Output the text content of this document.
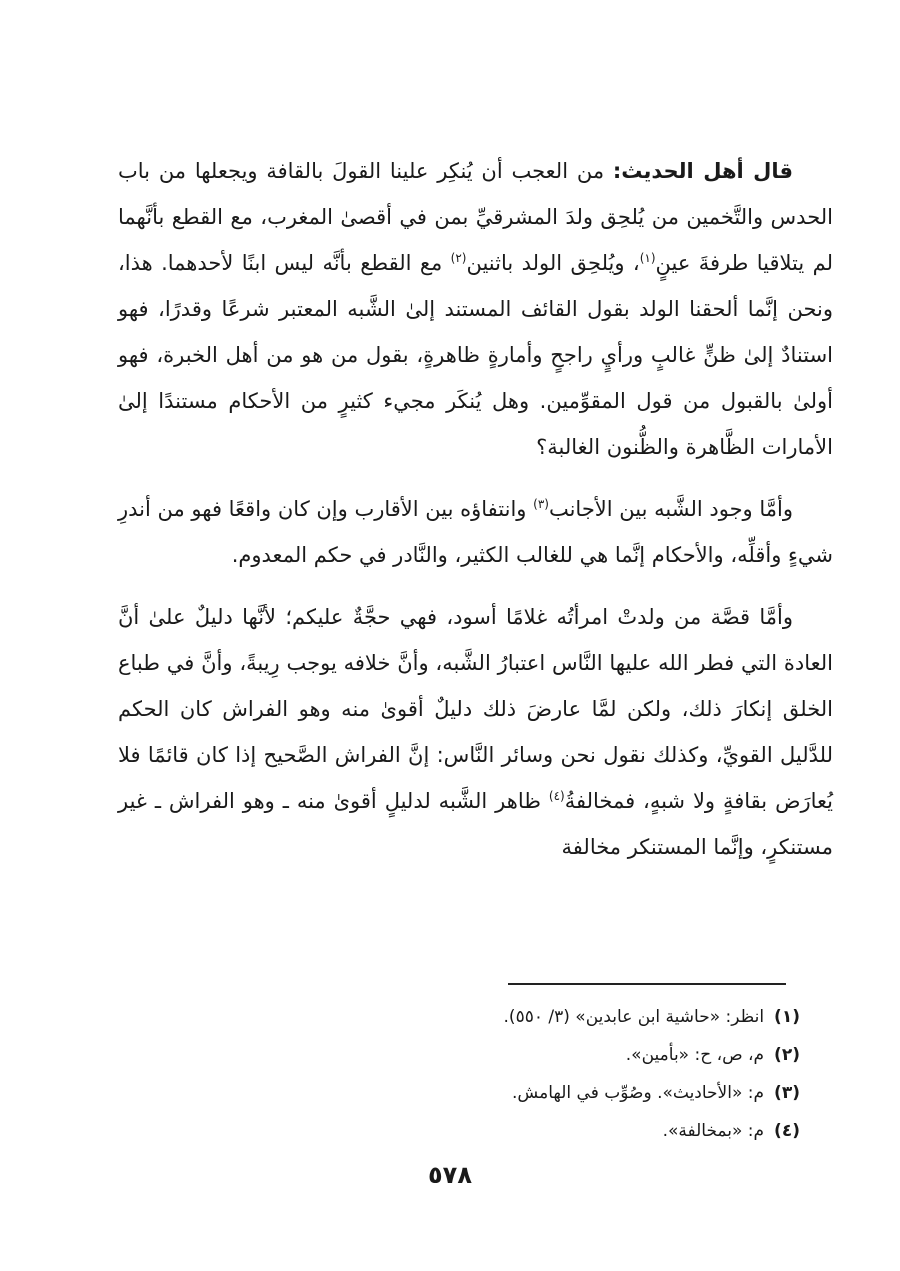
قال أهل الحديث: من العجب أن يُنكِر علينا القولَ بالقافة ويجعلها من باب الحدس والتَّخمين من يُلحِق ولدَ المشرقيِّ بمن في أقصىٰ المغرب، مع القطع بأنَّهما لم يتلاقيا طرفةَ عينٍ$^{(١)}$، ويُلحِق الولد باثنين$^{(٢)}$ مع القطع بأنَّه ليس ابنًا لأحدهما. هذا، ونحن إنَّما ألحقنا الولد بقول القائف المستند إلىٰ الشَّبه المعتبر شرعًا وقدرًا، فهو استنادٌ إلىٰ ظنٍّ غالبٍ ورأيٍ راجحٍ وأمارةٍ ظاهرةٍ، بقول من هو من أهل الخبرة، فهو أولىٰ بالقبول من قول المقوِّمين. وهل يُنكَر مجيء كثيرٍ من الأحكام مستندًا إلىٰ الأمارات الظَّاهرة والظُّنون الغالبة؟

وأمَّا وجود الشَّبه بين الأجانب$^{(٣)}$ وانتفاؤه بين الأقارب وإن كان واقعًا فهو من أندرِ شيءٍ وأقلِّه، والأحكام إنَّما هي للغالب الكثير، والنَّادر في حكم المعدوم.

وأمَّا قصَّة من ولدتْ امرأتُه غلامًا أسود، فهي حجَّةٌ عليكم؛ لأنَّها دليلٌ علىٰ أنَّ العادة التي فطر الله عليها النَّاس اعتبارُ الشَّبه، وأنَّ خلافه يوجب رِيبةً، وأنَّ في طباع الخلق إنكارَ ذلك، ولكن لمَّا عارضَ ذلك دليلٌ أقوىٰ منه وهو الفراش كان الحكم للدَّليل القويِّ، وكذلك نقول نحن وسائر النَّاس: إنَّ الفراش الصَّحيح إذا كان قائمًا فلا يُعارَض بقافةٍ ولا شبهٍ، فمخالفةُ$^{(٤)}$ ظاهر الشَّبه لدليلٍ أقوىٰ منه ـ وهو الفراش ـ غير مستنكرٍ، وإنَّما المستنكر مخالفة

(١)انظر: «حاشية ابن عابدين» (٣/ ٥٥٠).
(٢)م، ص، ح: «بأمين».
(٣)م: «الأحاديث». وصُوِّب في الهامش.
(٤)م: «بمخالفة».
٥٧٨
